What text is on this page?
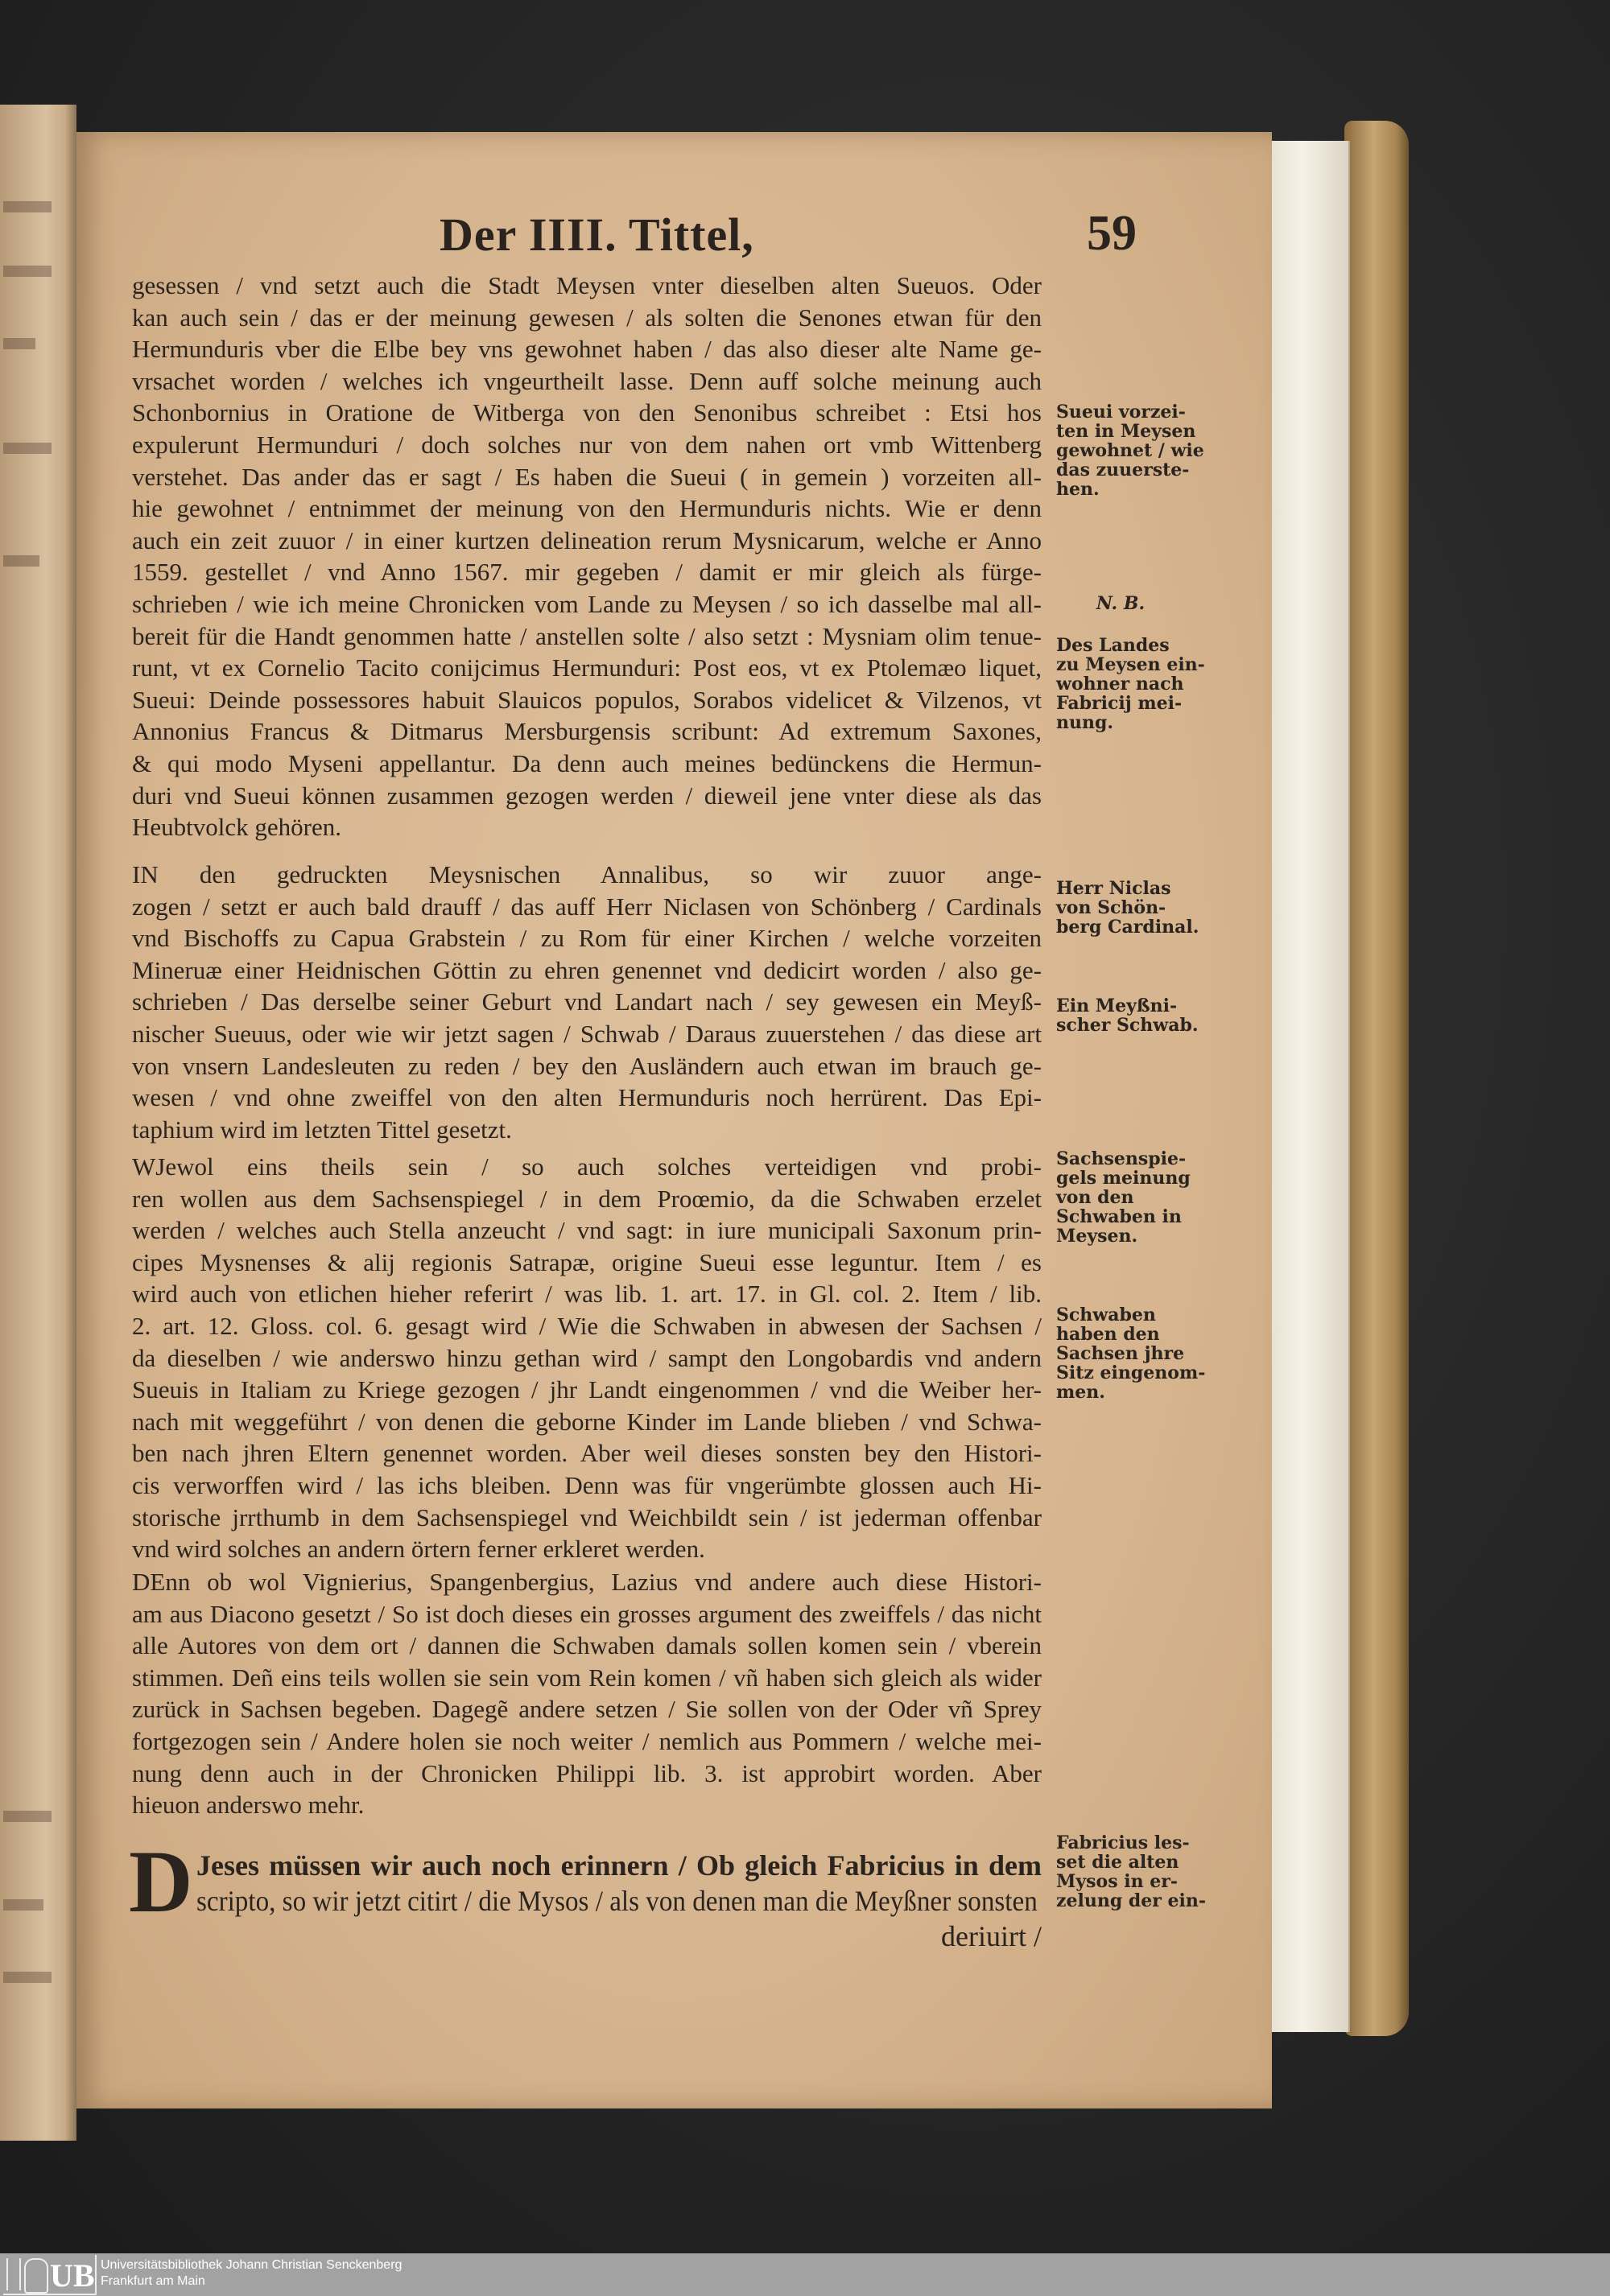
Der IIII. Tittel,	59
gesessen / vnd setzt auch die Stadt Meysen vnter dieselben alten Sueuos. Oder
kan auch sein / das er der meinung gewesen / als solten die Senones etwan für den
Hermunduris vber die Elbe bey vns gewohnet haben / das also dieser alte Name ge-
vrsachet worden / welches ich vngeurtheilt lasse. Denn auff solche meinung auch
Schonbornius in Oratione de Witberga von den Senonibus schreibet : Etsi hos
expulerunt Hermunduri / doch solches nur von dem nahen ort vmb Wittenberg
verstehet. Das ander das er sagt / Es haben die Sueui ( in gemein ) vorzeiten all-
hie gewohnet / entnimmet der meinung von den Hermunduris nichts. Wie er denn
auch ein zeit zuuor / in einer kurtzen delineation rerum Mysnicarum, welche er Anno
1559. gestellet / vnd Anno 1567. mir gegeben / damit er mir gleich als fürge-
schrieben / wie ich meine Chronicken vom Lande zu Meysen / so ich dasselbe mal all-
bereit für die Handt genommen hatte / anstellen solte / also setzt : Mysniam olim tenue-
runt, vt ex Cornelio Tacito conijcimus Hermunduri: Post eos, vt ex Ptolemæo liquet,
Sueui: Deinde possessores habuit Slauicos populos, Sorabos videlicet & Vilzenos, vt
Annonius Francus & Ditmarus Mersburgensis scribunt: Ad extremum Saxones,
& qui modo Myseni appellantur. Da denn auch meines bedünckens die Hermun-
duri vnd Sueui können zusammen gezogen werden / dieweil jene vnter diese als das
Heubtvolck gehören.
IN den gedruckten Meysnischen Annalibus, so wir zuuor ange-
zogen / setzt er auch bald drauff / das auff Herr Niclasen von Schönberg / Cardinals
vnd Bischoffs zu Capua Grabstein / zu Rom für einer Kirchen / welche vorzeiten
Mineruæ einer Heidnischen Göttin zu ehren genennet vnd dedicirt worden / also ge-
schrieben / Das derselbe seiner Geburt vnd Landart nach / sey gewesen ein Meyß-
nischer Sueuus, oder wie wir jetzt sagen / Schwab / Daraus zuuerstehen / das diese art
von vnsern Landesleuten zu reden / bey den Ausländern auch etwan im brauch ge-
wesen / vnd ohne zweiffel von den alten Hermunduris noch herrürent. Das Epi-
taphium wird im letzten Tittel gesetzt.
WJewol eins theils sein / so auch solches verteidigen vnd probi-
ren wollen aus dem Sachsenspiegel / in dem Proœmio, da die Schwaben erzelet
werden / welches auch Stella anzeucht / vnd sagt: in iure municipali Saxonum prin-
cipes Mysnenses & alij regionis Satrapæ, origine Sueui esse leguntur. Item / es
wird auch von etlichen hieher referirt / was lib. 1. art. 17. in Gl. col. 2. Item / lib.
2. art. 12. Gloss. col. 6. gesagt wird / Wie die Schwaben in abwesen der Sachsen /
da dieselben / wie anderswo hinzu gethan wird / sampt den Longobardis vnd andern
Sueuis in Italiam zu Kriege gezogen / jhr Landt eingenommen / vnd die Weiber her-
nach mit weggeführt / von denen die geborne Kinder im Lande blieben / vnd Schwa-
ben nach jhren Eltern genennet worden. Aber weil dieses sonsten bey den Histori-
cis verworffen wird / las ichs bleiben. Denn was für vngerümbte glossen auch Hi-
storische jrrthumb in dem Sachsenspiegel vnd Weichbildt sein / ist jederman offenbar
vnd wird solches an andern örtern ferner erkleret werden.
DEnn ob wol Vignierius, Spangenbergius, Lazius vnd andere auch diese Histori-
am aus Diacono gesetzt / So ist doch dieses ein grosses argument des zweiffels / das nicht
alle Autores von dem ort / dannen die Schwaben damals sollen komen sein / vberein
stimmen. Deñ eins teils wollen sie sein vom Rein komen / vñ haben sich gleich als wider
zurück in Sachsen begeben. Dagegẽ andere setzen / Sie sollen von der Oder vñ Sprey
fortgezogen sein / Andere holen sie noch weiter / nemlich aus Pommern / welche mei-
nung denn auch in der Chronicken Philippi lib. 3. ist approbirt worden. Aber
hieuon anderswo mehr.
D Jeses müssen wir auch noch erinnern / Ob gleich Fabricius in dem
scripto, so wir jetzt citirt / die Mysos / als von denen man die Meyßner sonsten
deriuirt /
Sueui vorzei-
ten in Meysen
gewohnet / wie
das zuuerste-
hen.
N. B.
Des Landes
zu Meysen ein-
wohner nach
Fabricij mei-
nung.
Herr Niclas
von Schön-
berg Cardinal.
Ein Meyßni-
scher Schwab.
Sachsenspie-
gels meinung
von den
Schwaben in
Meysen.
Schwaben
haben den
Sachsen jhre
Sitz eingenom-
men.
Fabricius les-
set die alten
Mysos in er-
zelung der ein-
UB Universitätsbibliothek Johann Christian Senckenberg
Frankfurt am Main
